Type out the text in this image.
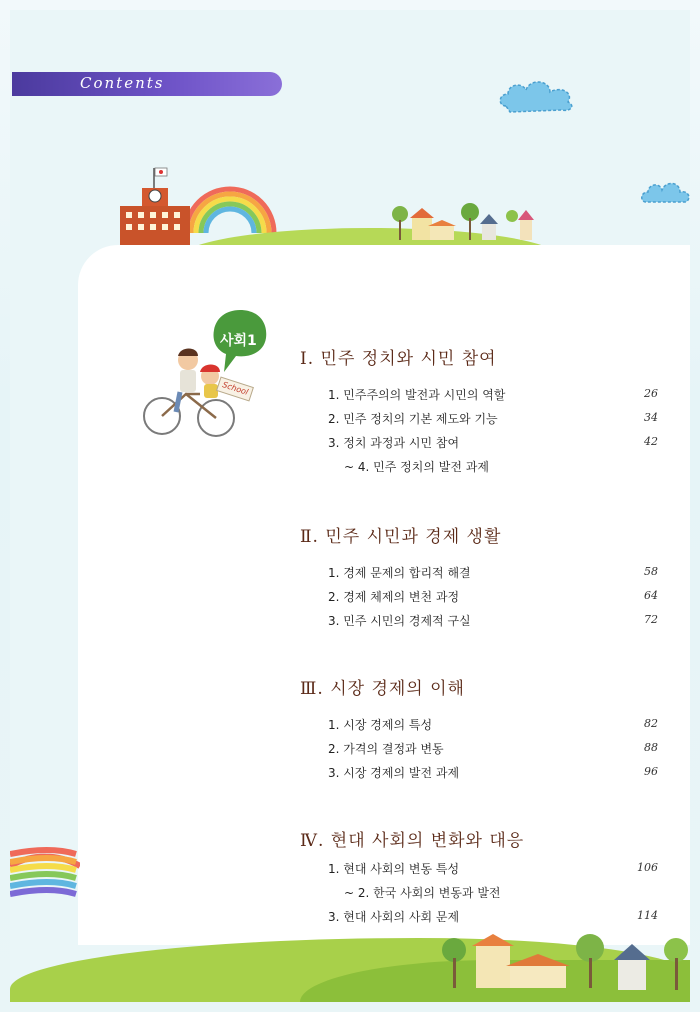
Contents
사회1
School
Ⅰ. 민주 정치와 시민 참여
1. 민주주의의 발전과 시민의 역할	26
2. 민주 정치의 기본 제도와 기능	34
3. 정치 과정과 시민 참여	42
~ 4. 민주 정치의 발전 과제
Ⅱ. 민주 시민과 경제 생활
1. 경제 문제의 합리적 해결	58
2. 경제 체제의 변천 과정	64
3. 민주 시민의 경제적 구실	72
Ⅲ. 시장 경제의 이해
1. 시장 경제의 특성	82
2. 가격의 결정과 변동	88
3. 시장 경제의 발전 과제	96
Ⅳ. 현대 사회의 변화와 대응
1. 현대 사회의 변동 특성	106
~ 2. 한국 사회의 변동과 발전
3. 현대 사회의 사회 문제	114
